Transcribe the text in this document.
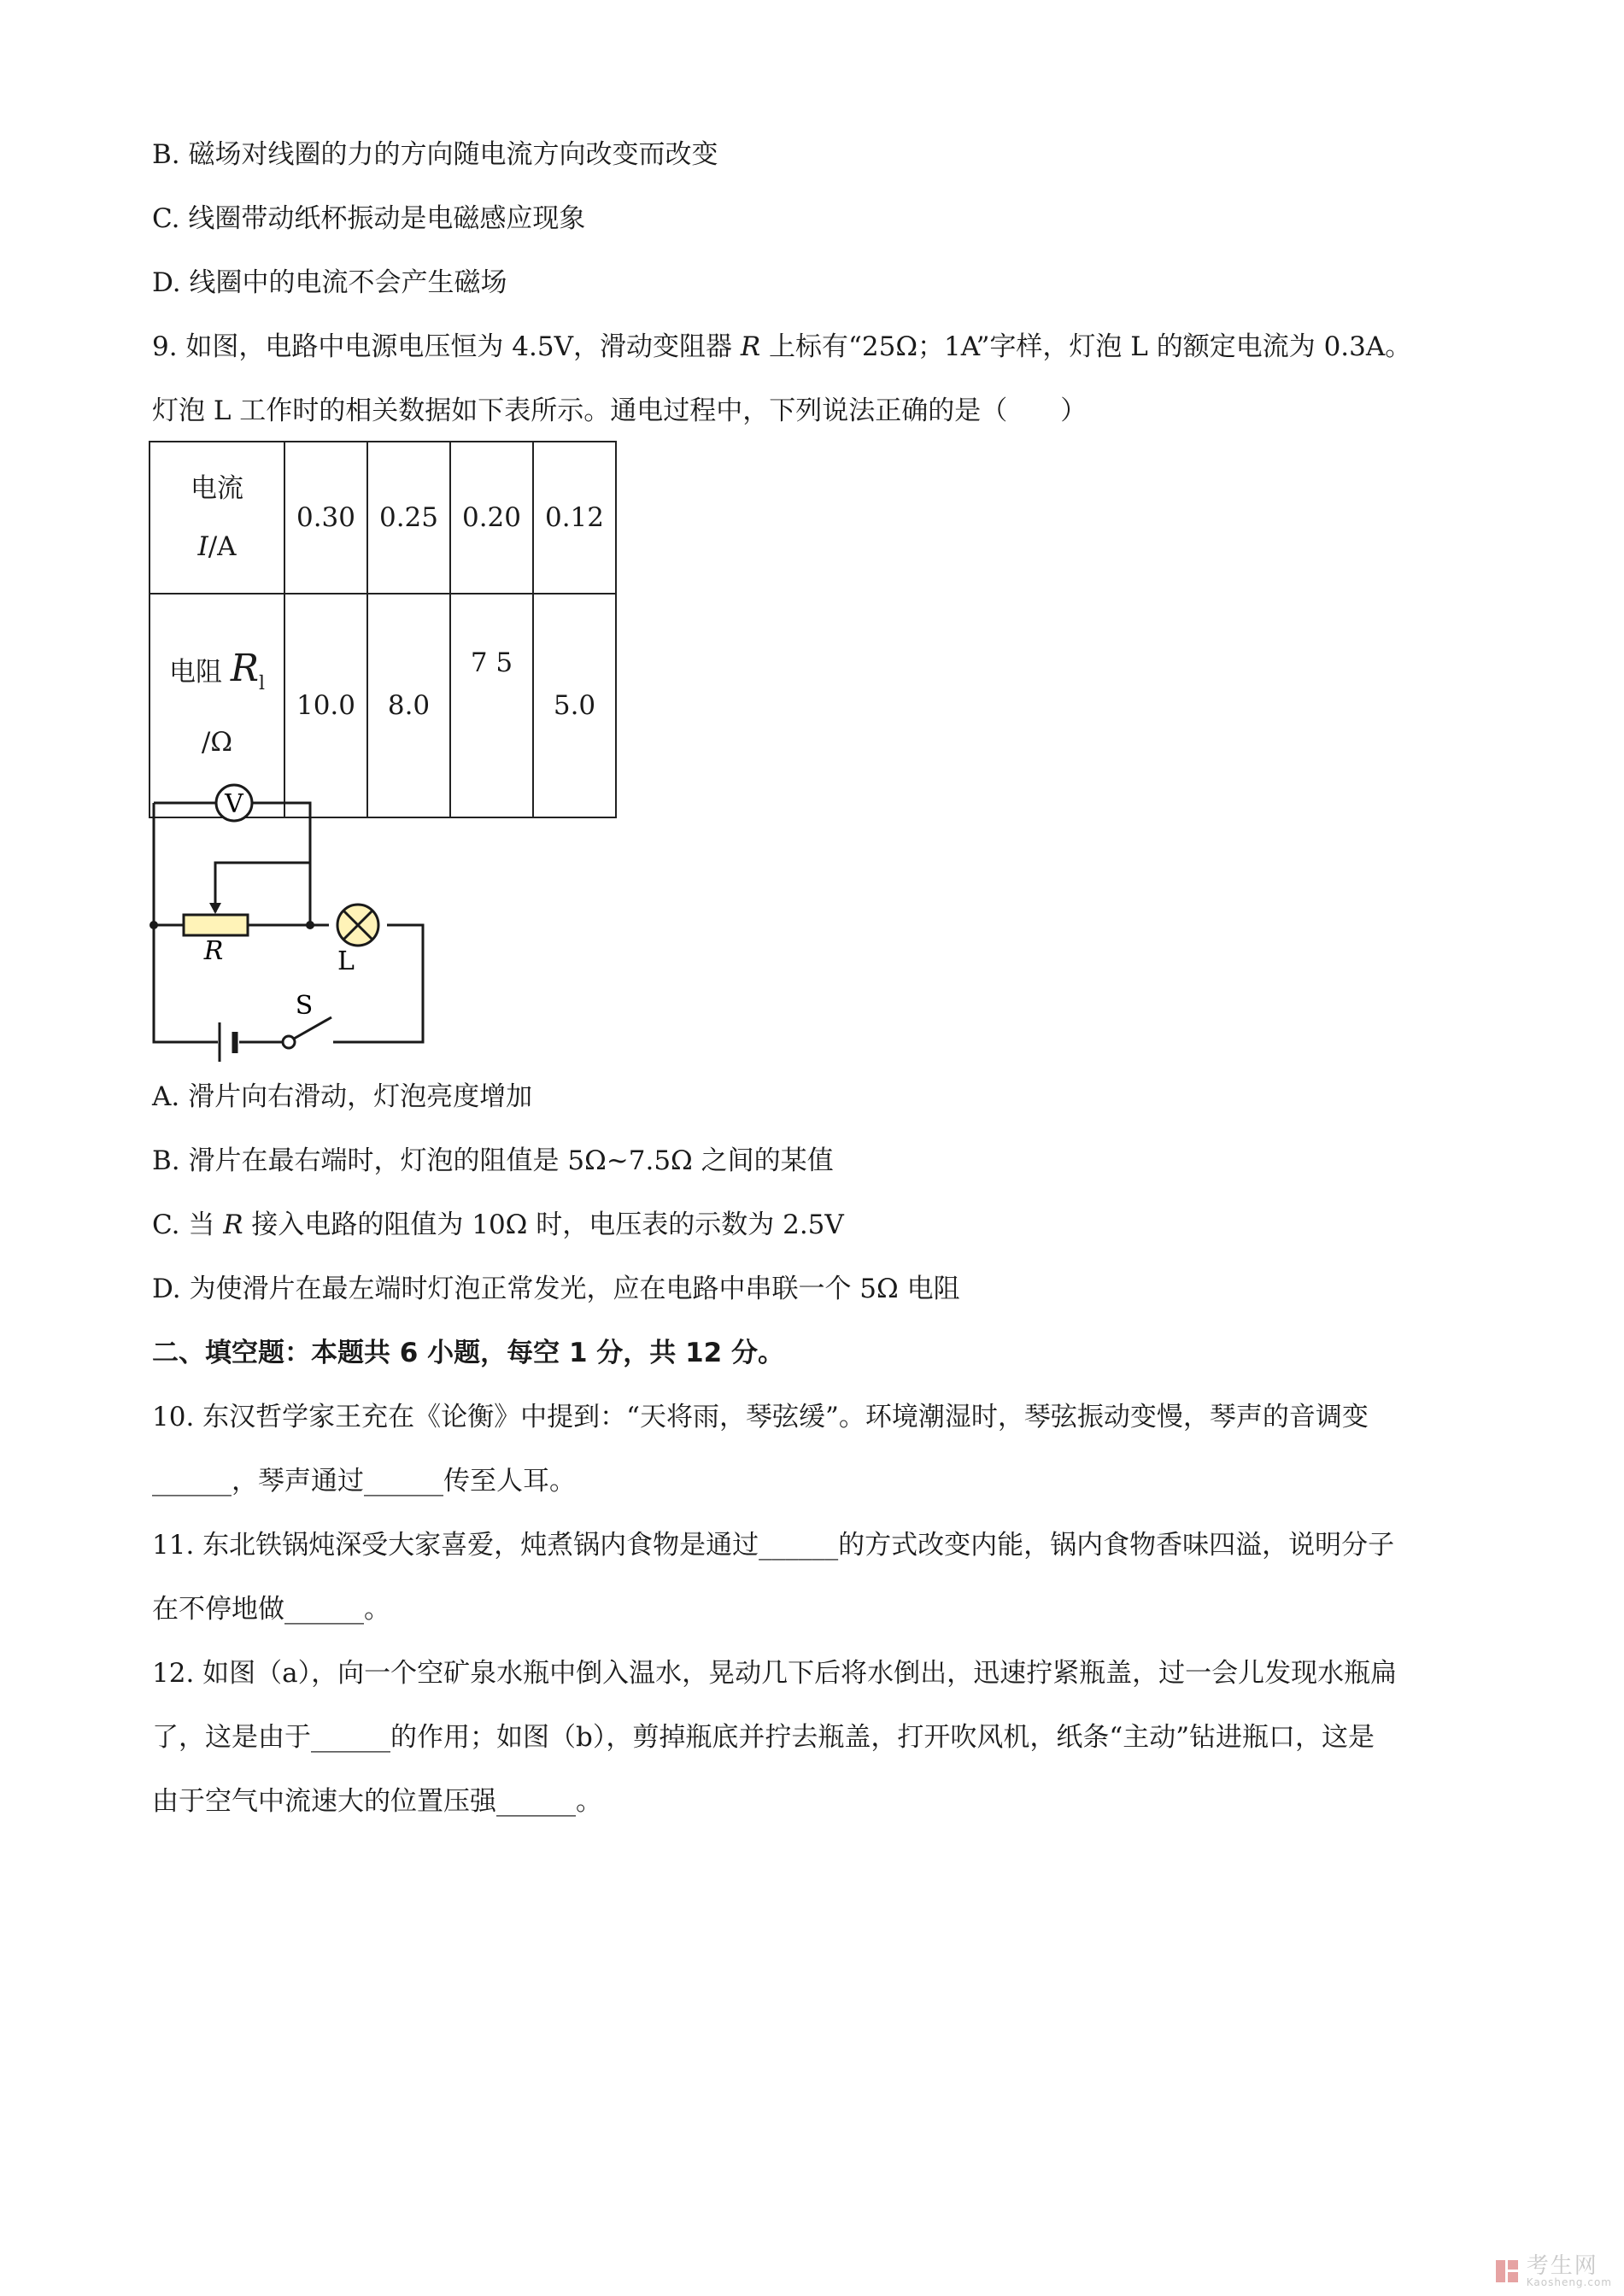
B. 磁场对线圈的力的方向随电流方向改变而改变
C. 线圈带动纸杯振动是电磁感应现象
D. 线圈中的电流不会产生磁场
9. 如图，电路中电源电压恒为 4.5V，滑动变阻器 R 上标有“25Ω；1A”字样，灯泡 L 的额定电流为 0.3A。
灯泡 L 工作时的相关数据如下表所示。通电过程中，下列说法正确的是（　　）
电流
I/A	0.30	0.25	0.20	0.12

电阻 $R_l$
/Ω	10.0	8.0	7 5	5.0
V
R	L
S
A. 滑片向右滑动，灯泡亮度增加
B. 滑片在最右端时，灯泡的阻值是 5Ω~7.5Ω 之间的某值
C. 当 R 接入电路的阻值为 10Ω 时，电压表的示数为 2.5V
D. 为使滑片在最左端时灯泡正常发光，应在电路中串联一个 5Ω 电阻
二、填空题：本题共 6 小题，每空 1 分，共 12 分。
10. 东汉哲学家王充在《论衡》中提到：“天将雨，琴弦缓”。环境潮湿时，琴弦振动变慢，琴声的音调变
______，琴声通过______传至人耳。
11. 东北铁锅炖深受大家喜爱，炖煮锅内食物是通过______的方式改变内能，锅内食物香味四溢，说明分子
在不停地做______。
12. 如图（a），向一个空矿泉水瓶中倒入温水，晃动几下后将水倒出，迅速拧紧瓶盖，过一会儿发现水瓶扁
了，这是由于______的作用；如图（b），剪掉瓶底并拧去瓶盖，打开吹风机，纸条“主动”钻进瓶口，这是
由于空气中流速大的位置压强______。
考生网
Kaosheng.com
